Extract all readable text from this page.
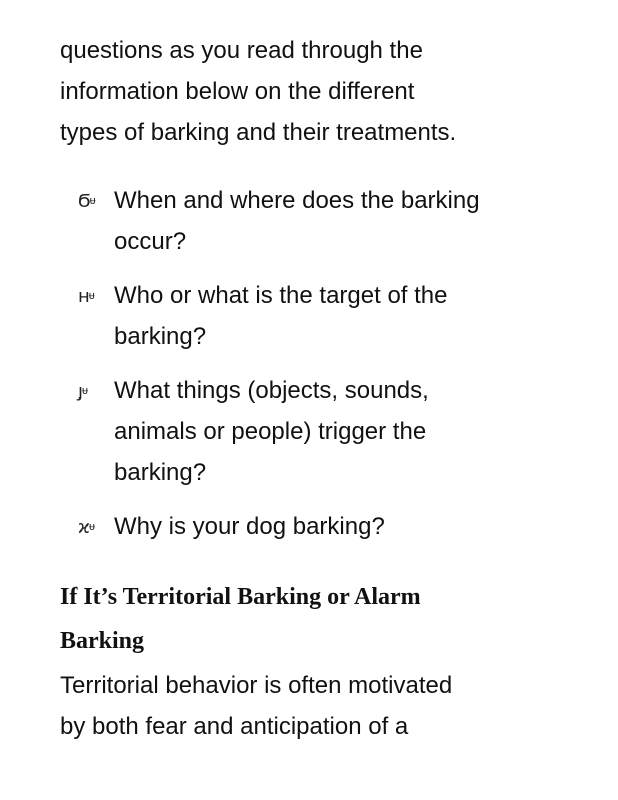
questions as you read through the
information below on the different
types of barking and their treatments.

Ϭᵾ When and where does the barking
occur?
ʜᵾ Who or what is the target of the
barking?
ȷ̧ᵾ	What things (objects, sounds,
animals or people) trigger the
barking?
ϰᵾ Why is your dog barking?
If It’s Territorial Barking or Alarm
Barking

Territorial behavior is often motivated
by both fear and anticipation of a
